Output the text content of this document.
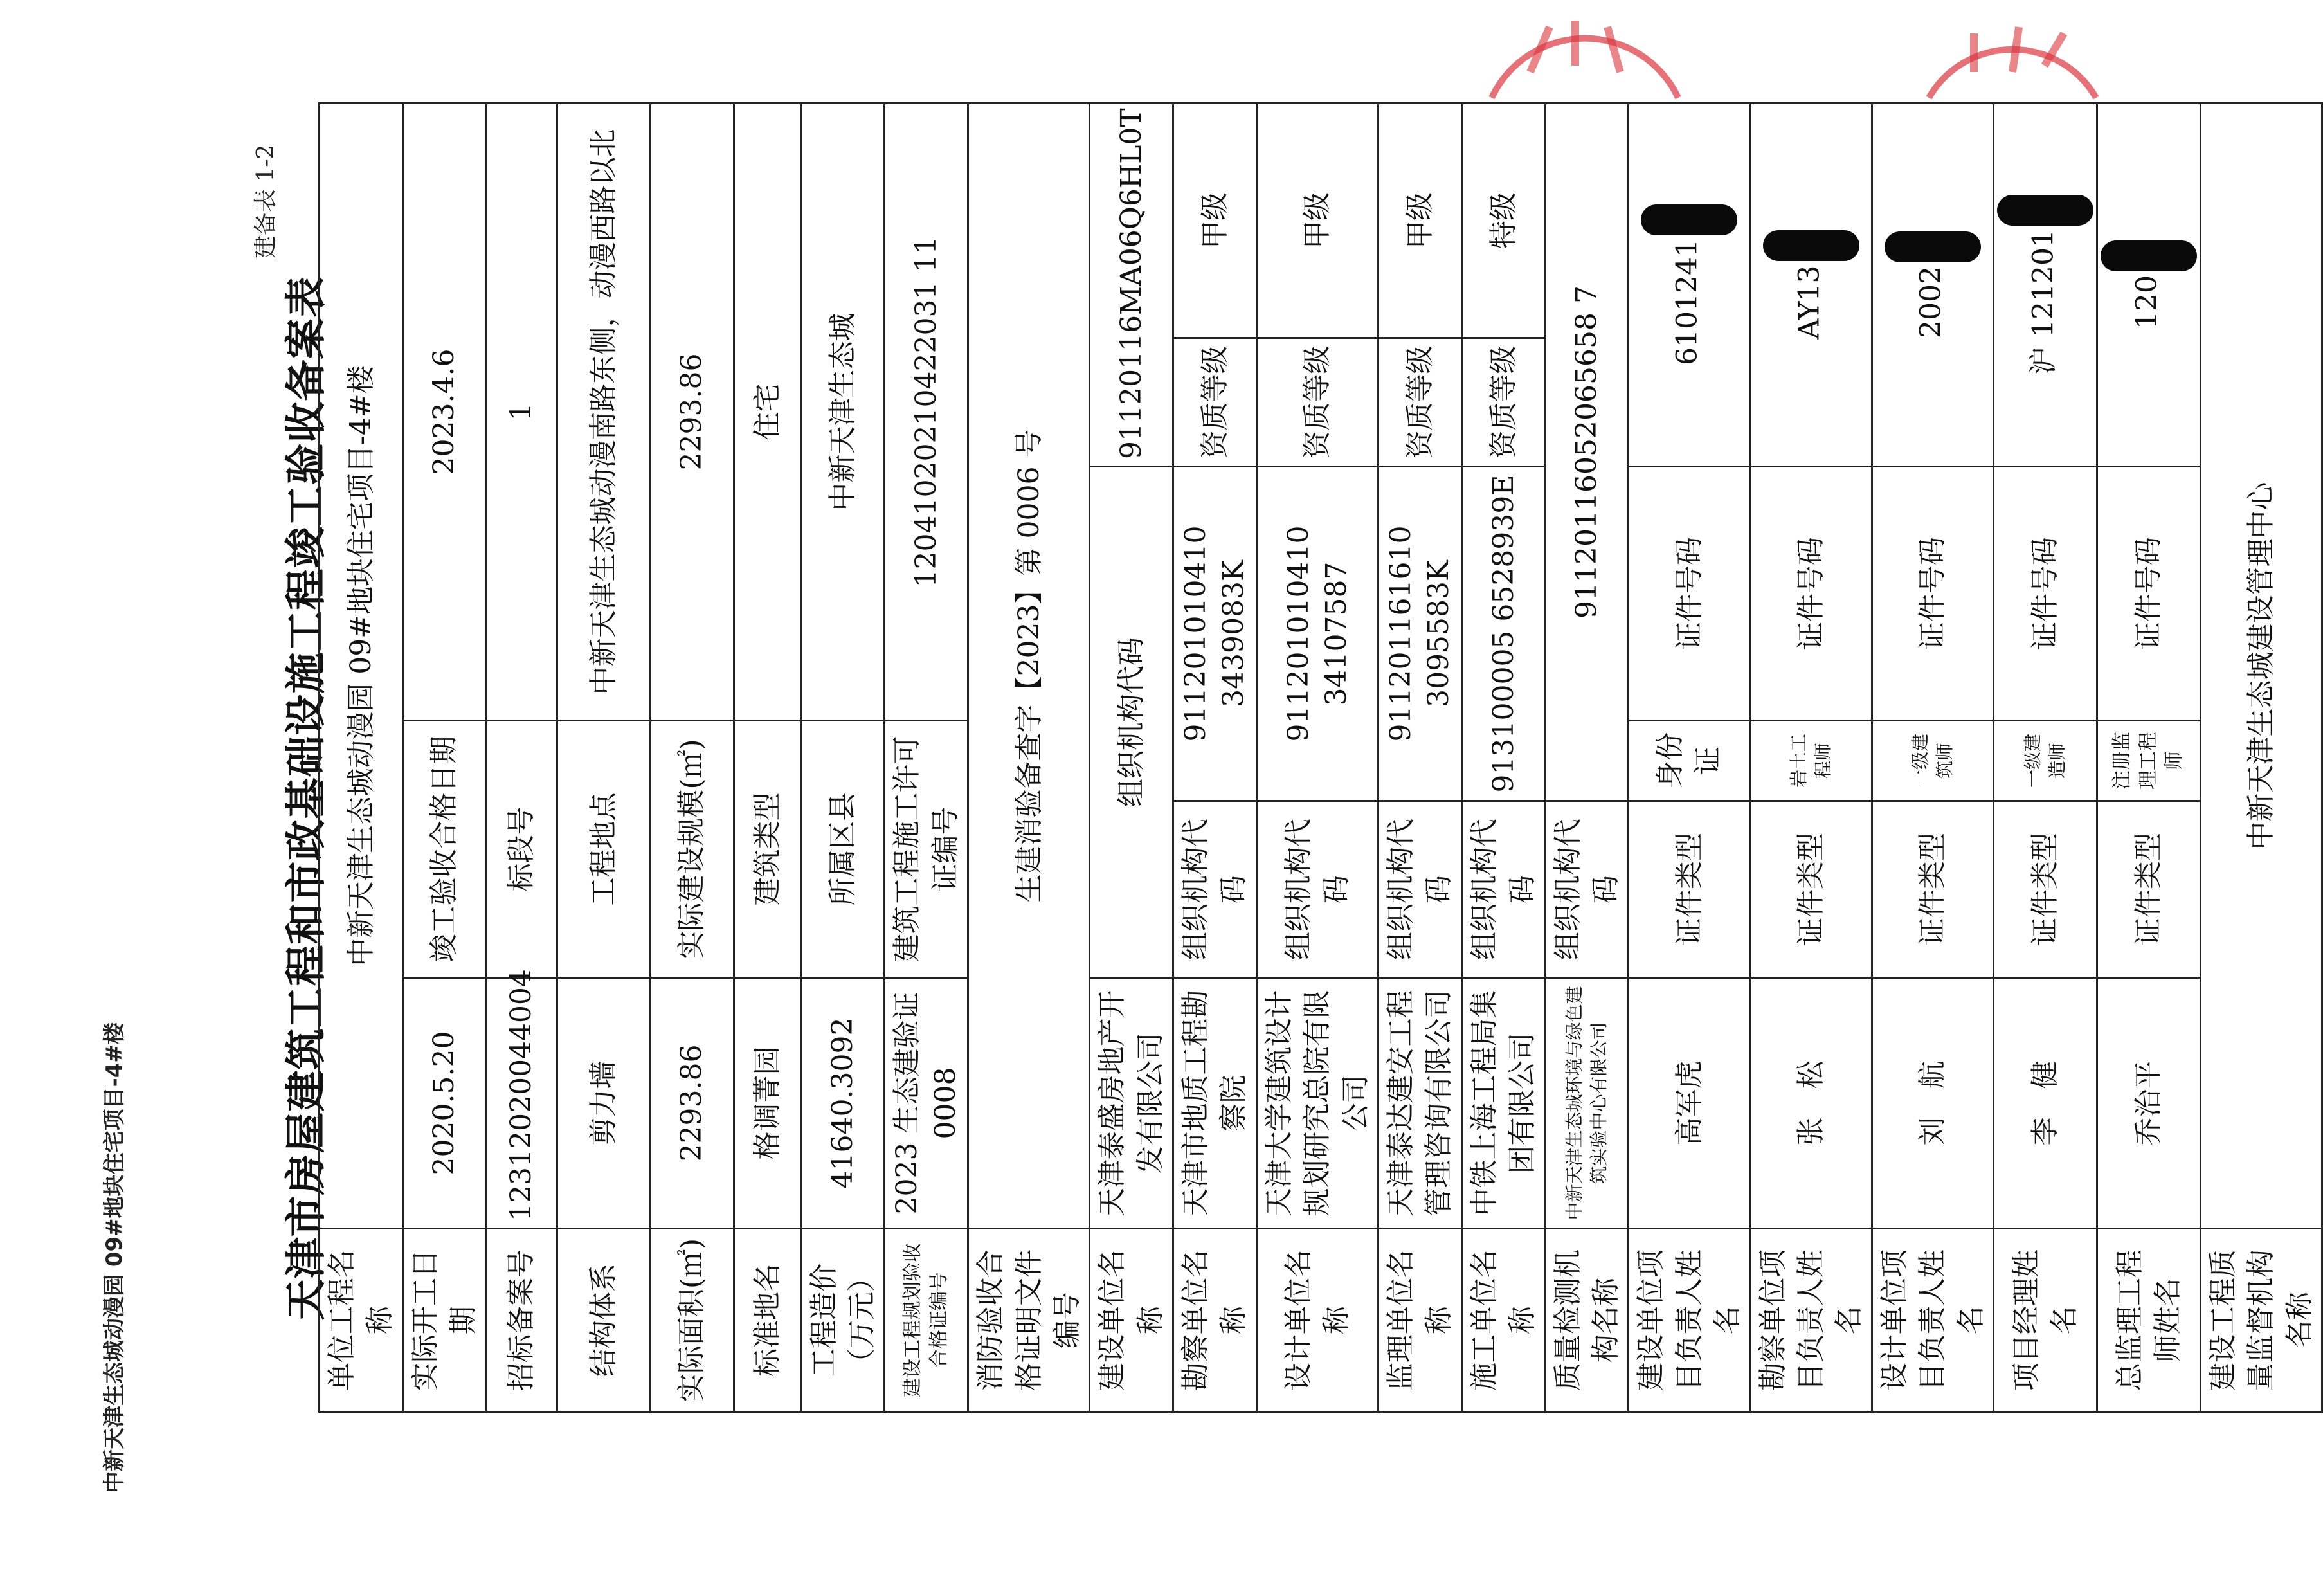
中新天津生态城动漫园 09#地块住宅项目-4#楼
建备表 1-2
天津市房屋建筑工程和市政基础设施工程竣工验收备案表
单位工程名称	中新天津生态城动漫园 09#地块住宅项目-4#楼					
实际开工日期	2020.5.20	竣工验收合格日期		2023.4.6		
招标备案号	12312020044004	标段号		1		
结构体系	剪力墙	工程地点		中新天津生态城动漫南路东侧，动漫西路以北		
实际面积(㎡)	2293.86	实际建设规模(㎡)		2293.86		
标准地名	格调菁园	建筑类型		住宅		
工程造价（万元）	41640.3092	所属区县		中新天津生态城		
建设工程规划验收合格证编号	2023 生态建验证 0008	建筑工程施工许可证编号		12041020210422031 11		
消防验收合格证明文件编号	生建消验备查字【2023】第 0006 号					
建设单位名称	天津泰盛房地产开发有限公司	组织机构代码			91120116MA06Q6HL0T	
勘察单位名称	天津市地质工程勘察院	组织机构代码	911201010410 3439083K		资质等级	甲级
设计单位名称	天津大学建筑设计规划研究总院有限公司	组织机构代码	911201010410 34107587		资质等级	甲级
监理单位名称	天津泰达建安工程管理咨询有限公司	组织机构代码	911201161610 3095583K		资质等级	甲级
施工单位名称	中铁上海工程局集团有限公司	组织机构代码	913100005 6528939E		资质等级	特级
质量检测机构名称	中新天津生态城环境与绿色建筑实验中心有限公司	组织机构代码	91120116052065658 7			
建设单位项目负责人姓名	高军虎	证件类型	身份证	证件号码	6101241	
勘察单位项目负责人姓名	张　松	证件类型	岩土工程师	证件号码	AY13	
设计单位项目负责人姓名	刘　航	证件类型	一级建筑师	证件号码	2002	
项目经理姓名	李　健	证件类型	一级建造师	证件号码	沪 121201	
总监理工程师姓名	乔治平	证件类型	注册监理工程师	证件号码	120	
建设工程质量监督机构名称	中新天津生态城建设管理中心					
